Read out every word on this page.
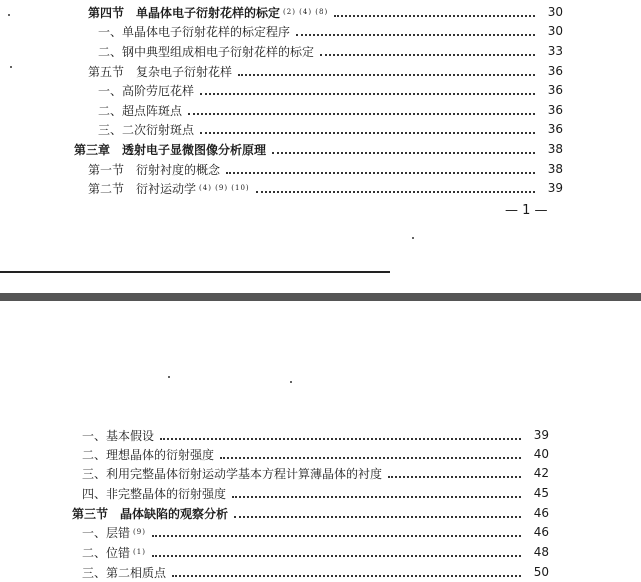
第四节　单晶体电子衍射花样的标定 (2) (4) (8)	30
一、单晶体电子衍射花样的标定程序	30
二、钢中典型组成相电子衍射花样的标定	33
第五节　复杂电子衍射花样	36
一、高阶劳厄花样	36
二、超点阵斑点	36
三、二次衍射斑点	36
第三章　透射电子显微图像分析原理	38
第一节　衍射衬度的概念	38
第二节　衍衬运动学 (4) (9) (10)	39
— 1 —
一、基本假设	39
二、理想晶体的衍射强度	40
三、利用完整晶体衍射运动学基本方程计算薄晶体的衬度	42
四、非完整晶体的衍射强度	45
第三节　晶体缺陷的观察分析	46
一、层错 (9)	46
二、位错 (1)	48
三、第二相质点	50
